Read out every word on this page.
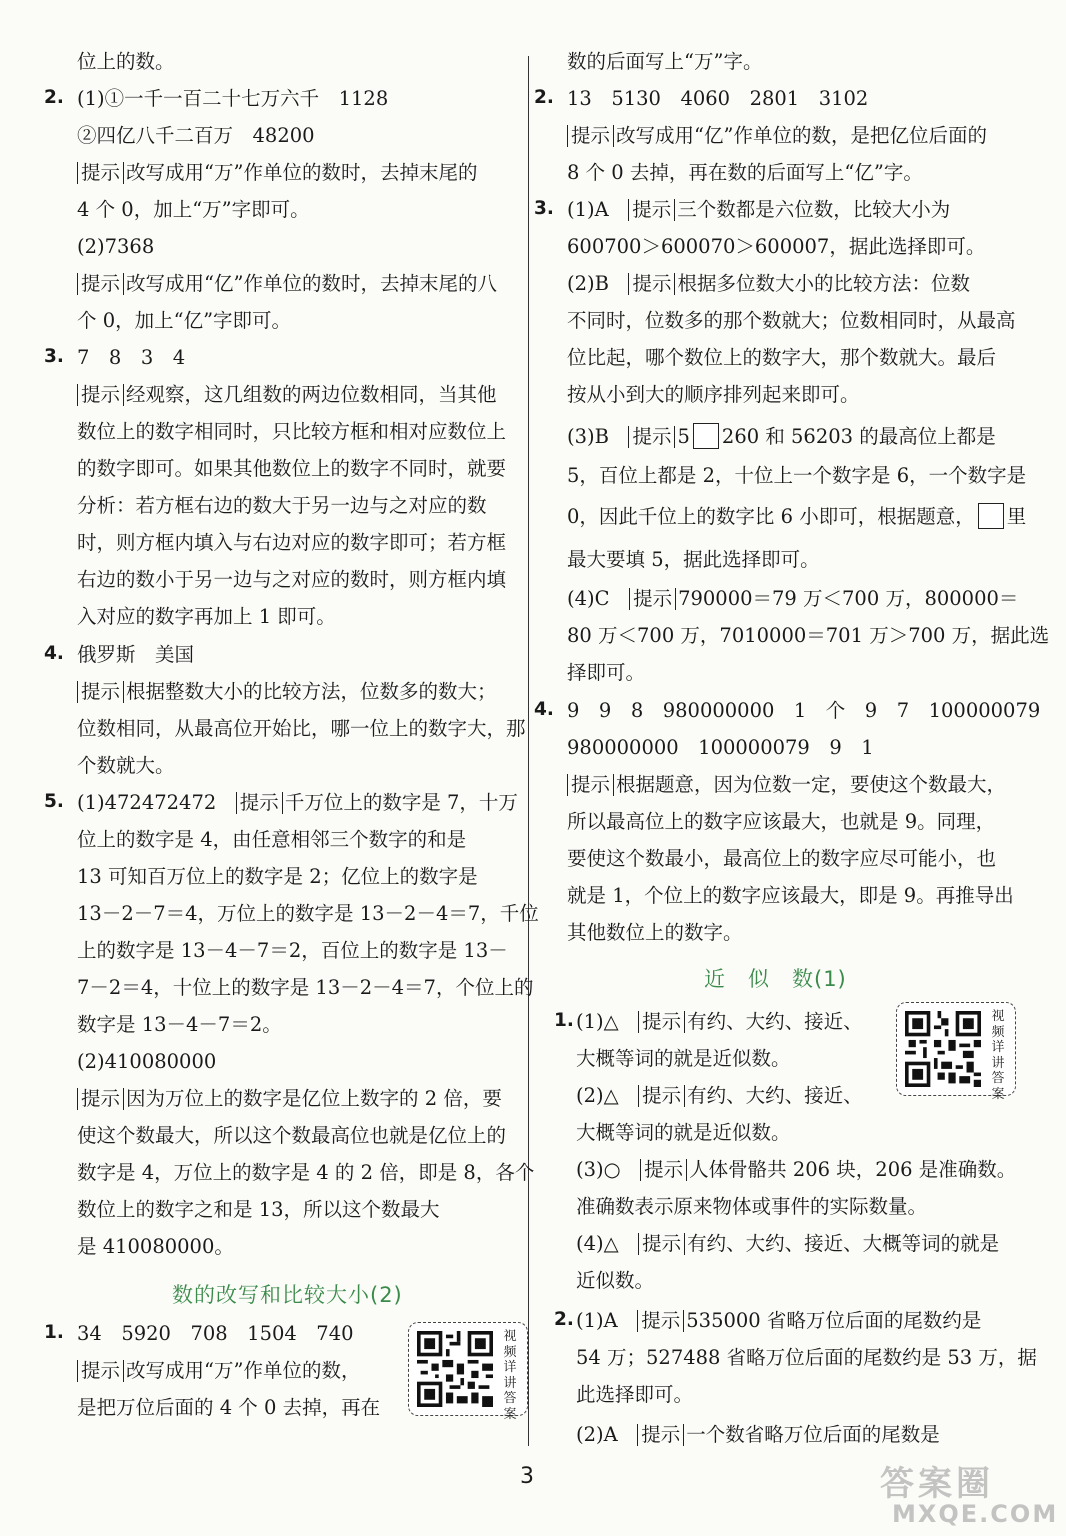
位上的数。
2. (1)①一千一百二十七万六千　1128
②四亿八千二百万　48200
提示 改写成用“万”作单位的数时，去掉末尾的
4 个 0，加上“万”字即可。
(2)7368
提示 改写成用“亿”作单位的数时，去掉末尾的八
个 0，加上“亿”字即可。
3. 7　8　3　4
提示 经观察，这几组数的两边位数相同，当其他
数位上的数字相同时，只比较方框和相对应数位上
的数字即可。如果其他数位上的数字不同时，就要
分析：若方框右边的数大于另一边与之对应的数
时，则方框内填入与右边对应的数字即可；若方框
右边的数小于另一边与之对应的数时，则方框内填
入对应的数字再加上 1 即可。
4. 俄罗斯　美国
提示 根据整数大小的比较方法，位数多的数大；
位数相同，从最高位开始比，哪一位上的数字大，那
个数就大。
5. (1)472472472　 提示 千万位上的数字是 7，十万
位上的数字是 4，由任意相邻三个数字的和是
13 可知百万位上的数字是 2；亿位上的数字是
13－2－7＝4，万位上的数字是 13－2－4＝7，千位
上的数字是 13－4－7＝2，百位上的数字是 13－
7－2＝4，十位上的数字是 13－2－4＝7，个位上的
数字是 13－4－7＝2。
(2)410080000
提示 因为万位上的数字是亿位上数字的 2 倍，要
使这个数最大，所以这个数最高位也就是亿位上的
数字是 4，万位上的数字是 4 的 2 倍，即是 8，各个
数位上的数字之和是 13，所以这个数最大
是 410080000。
数的改写和比较大小(2)
1. 34　5920　708　1504　740
提示 改写成用“万”作单位的数，
是把万位后面的 4 个 0 去掉，再在
视频详讲答案
数的后面写上“万”字。
2. 13　5130　4060　2801　3102
提示 改写成用“亿”作单位的数，是把亿位后面的
8 个 0 去掉，再在数的后面写上“亿”字。
3. (1)A　 提示 三个数都是六位数，比较大小为
600700＞600070＞600007，据此选择即可。
(2)B　 提示 根据多位数大小的比较方法：位数
不同时，位数多的那个数就大；位数相同时，从最高
位比起，哪个数位上的数字大，那个数就大。最后
按从小到大的顺序排列起来即可。
(3)B　 提示 5 260 和 56203 的最高位上都是
5，百位上都是 2，十位上一个数字是 6，一个数字是
0，因此千位上的数字比 6 小即可，根据题意， 里
最大要填 5，据此选择即可。
(4)C　 提示 790000＝79 万＜700 万，800000＝
80 万＜700 万，7010000＝701 万＞700 万，据此选
择即可。
4. 9　9　8　980000000　1　个　9　7　100000079
980000000　100000079　9　1
提示 根据题意，因为位数一定，要使这个数最大，
所以最高位上的数字应该最大，也就是 9。同理，
要使这个数最小，最高位上的数字应尽可能小，也
就是 1，个位上的数字应该最大，即是 9。再推导出
其他数位上的数字。
近　似　数(1)
1. (1)△　 提示 有约、大约、接近、
大概等词的就是近似数。
(2)△　 提示 有约、大约、接近、
大概等词的就是近似数。
(3)○　 提示 人体骨骼共 206 块，206 是准确数。
准确数表示原来物体或事件的实际数量。
(4)△　 提示 有约、大约、接近、大概等词的就是
近似数。
2. (1)A　 提示 535000 省略万位后面的尾数约是
54 万；527488 省略万位后面的尾数约是 53 万，据
此选择即可。
(2)A　 提示 一个数省略万位后面的尾数是
视频详讲答案
3	答案圈
MXQE.COM
